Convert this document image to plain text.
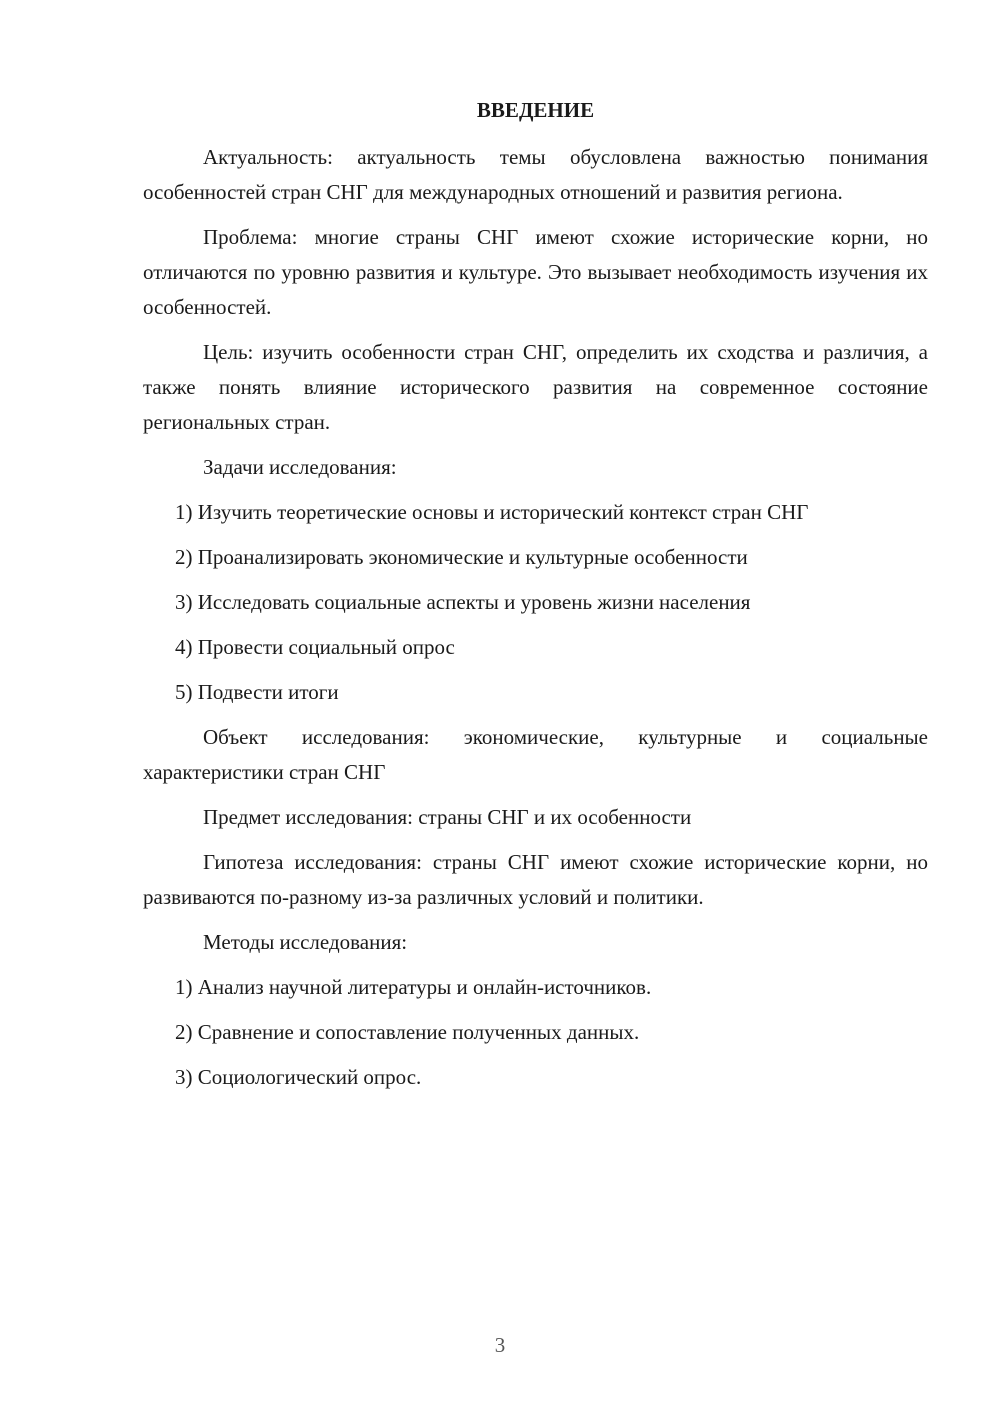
ВВЕДЕНИЕ

Актуальность: актуальность темы обусловлена важностью понимания особенностей стран СНГ для международных отношений и развития региона.

Проблема: многие страны СНГ имеют схожие исторические корни, но отличаются по уровню развития и культуре. Это вызывает необходимость изучения их особенностей.

Цель: изучить особенности стран СНГ, определить их сходства и различия, а также понять влияние исторического развития на современное состояние региональных стран.

Задачи исследования:

1) Изучить теоретические основы и исторический контекст стран СНГ

2) Проанализировать экономические и культурные особенности

3) Исследовать социальные аспекты и уровень жизни населения

4) Провести социальный опрос

5) Подвести итоги

Объект исследования: экономические, культурные и социальные характеристики стран СНГ

Предмет исследования: страны СНГ и их особенности

Гипотеза исследования: страны СНГ имеют схожие исторические корни, но развиваются по-разному из-за различных условий и политики.

Методы исследования:

1) Анализ научной литературы и онлайн-источников.

2) Сравнение и сопоставление полученных данных.

3) Социологический опрос.

3
